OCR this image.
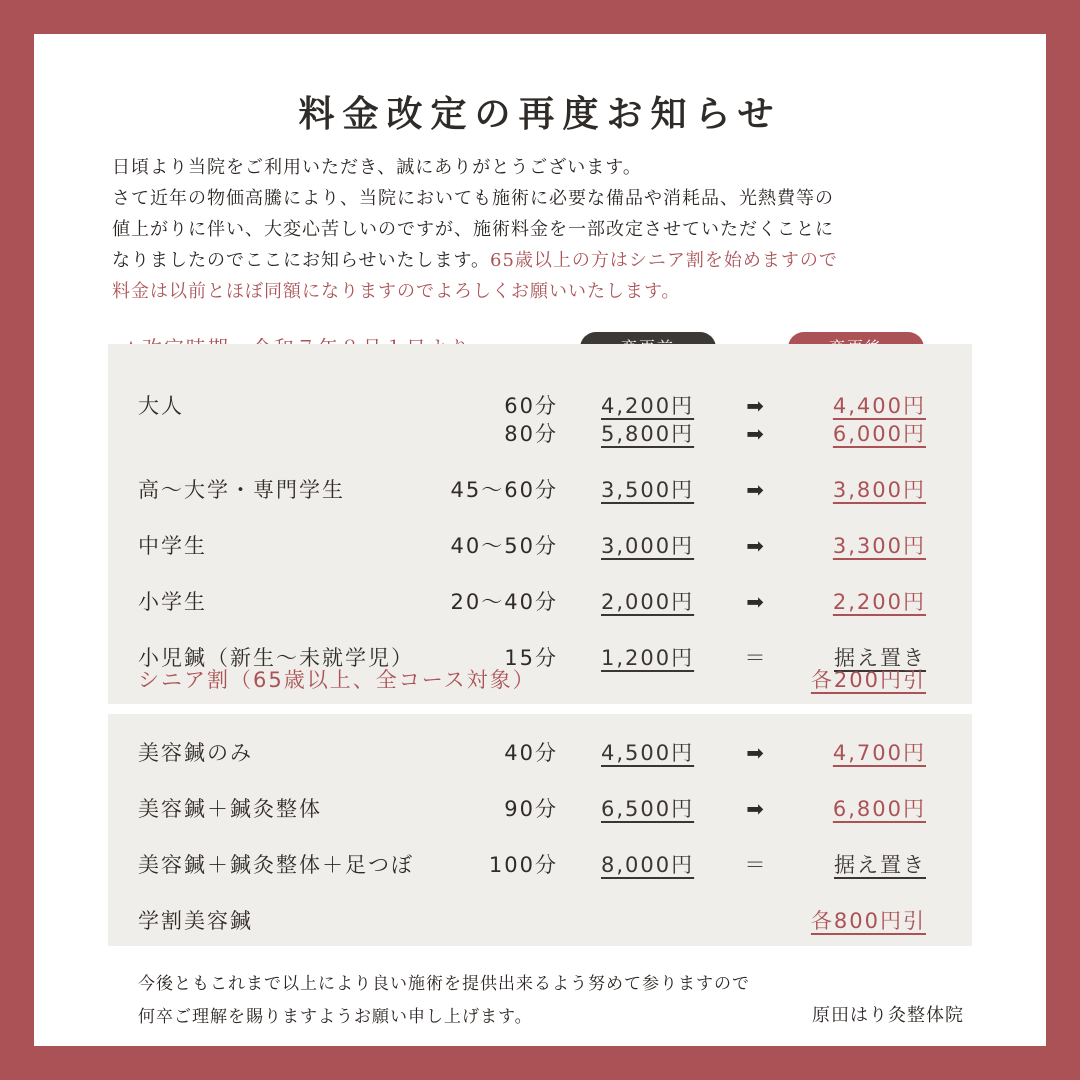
料金改定の再度お知らせ
日頃より当院をご利用いただき、誠にありがとうございます。
さて近年の物価高騰により、当院においても施術に必要な備品や消耗品、光熱費等の
値上がりに伴い、大変心苦しいのですが、施術料金を一部改定させていただくことに
なりましたのでここにお知らせいたします。65歳以上の方はシニア割を始めますので
料金は以前とほぼ同額になりますのでよろしくお願いいたします。
大人	60分 4,200円 ➡	4,400円
80分 5,800円 ➡	6,000円
高～大学・専門学生	45～60分 3,500円 ➡	3,800円
中学生	40～50分 3,000円 ➡	3,300円
小学生	20～40分 2,000円 ➡	2,200円
小児鍼（新生～未就学児）	15分 1,200円 ＝	据え置き
シニア割（65歳以上、全コース対象）	各200円引
美容鍼のみ	40分 4,500円 ➡	4,700円
美容鍼＋鍼灸整体	90分 6,500円 ➡	6,800円
美容鍼＋鍼灸整体＋足つぼ	100分 8,000円 ＝	据え置き
学割美容鍼	各800円引
今後ともこれまで以上により良い施術を提供出来るよう努めて参りますので
何卒ご理解を賜りますようお願い申し上げます。	原田はり灸整体院
